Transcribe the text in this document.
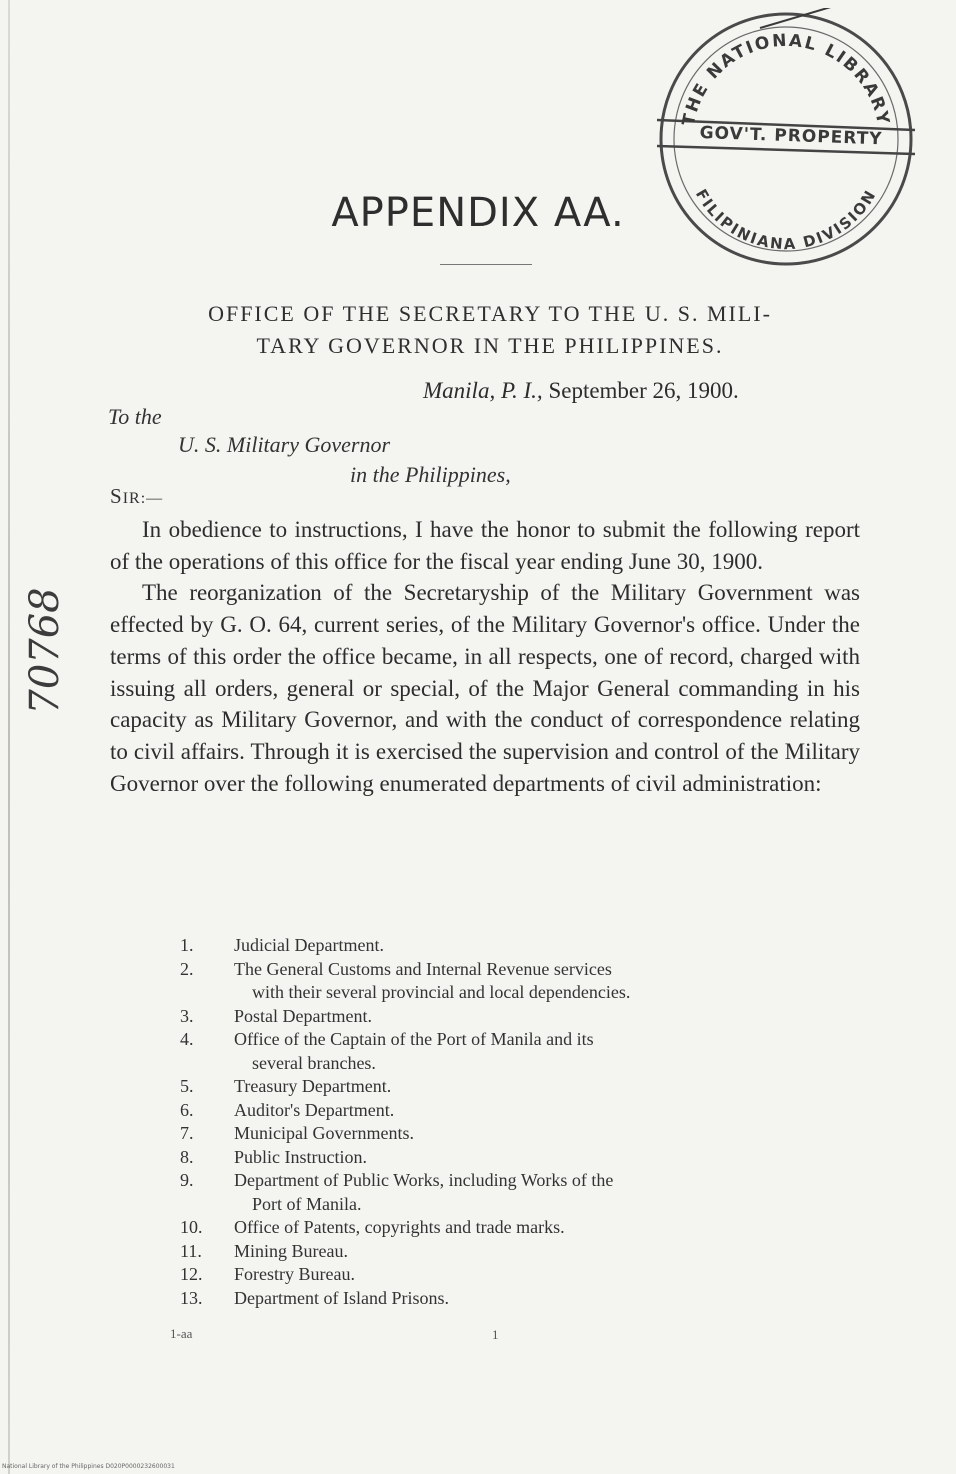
THE NATIONAL LIBRARY
GOV'T. PROPERTY
FILIPINIANA DIVISION
APPENDIX AA.
OFFICE OF THE SECRETARY TO THE U. S. MILI-
TARY GOVERNOR IN THE PHILIPPINES.
Manila, P. I., September 26, 1900.
To the
U. S. Military Governor
in the Philippines,
SIR:—

In obedience to instructions, I have the honor to submit the following report of the operations of this office for the fiscal year ending June 30, 1900.

The reorganization of the Secretaryship of the Military Government was effected by G. O. 64, current series, of the Military Governor's office. Under the terms of this order the office became, in all respects, one of record, charged with issuing all orders, general or special, of the Major General commanding in his capacity as Military Governor, and with the conduct of correspondence relating to civil affairs. Through it is exercised the supervision and control of the Military Governor over the following enumerated departments of civil administration:

1.	Judicial Department.
2.	The General Customs and Internal Revenue services
with their several provincial and local dependencies.
3.	Postal Department.
4.	Office of the Captain of the Port of Manila and its
several branches.
5.	Treasury Department.
6.	Auditor's Department.
7.	Municipal Governments.
8.	Public Instruction.
9.	Department of Public Works, including Works of the
Port of Manila.
10.	Office of Patents, copyrights and trade marks.
11.	Mining Bureau.
12.	Forestry Bureau.
13.	Department of Island Prisons.
1-aa	1
70768
National Library of the Philippines D020P0000232600031
